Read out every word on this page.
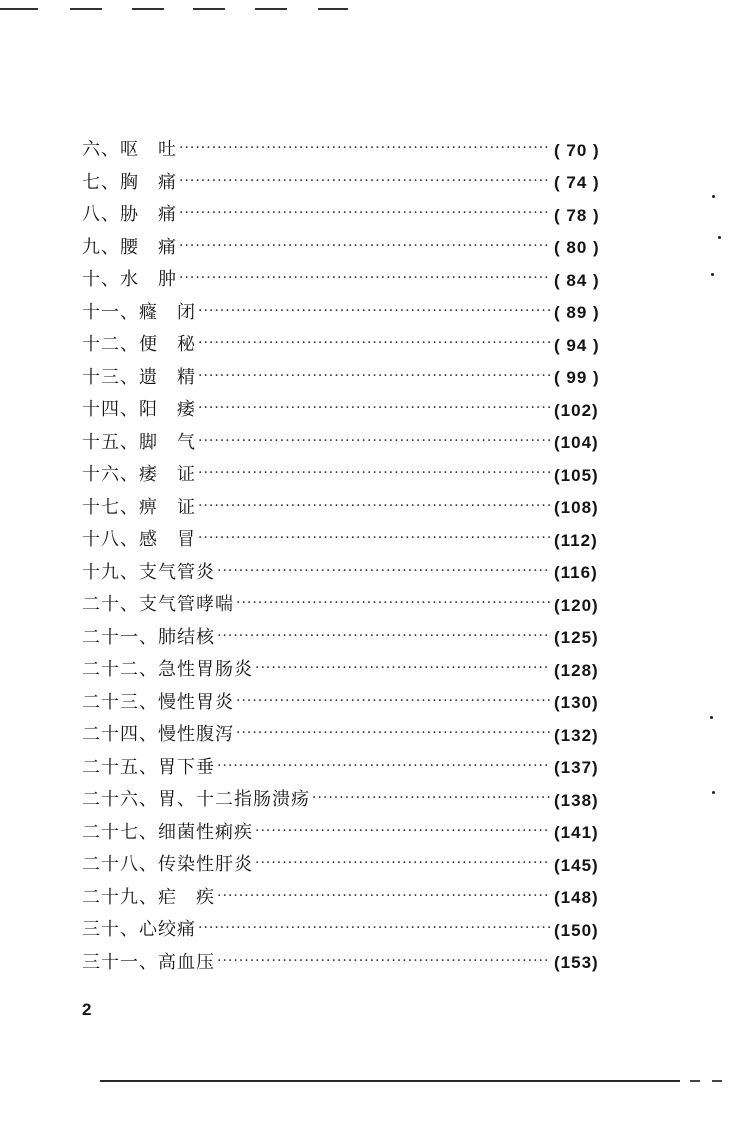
六、呕　吐 ·····	( 70 )
七、胸　痛 ·····	( 74 )
八、胁　痛 ·····	( 78 )
九、腰　痛 ·····	( 80 )
十、水　肿 ·····	( 84 )
十一、癃　闭 ·····	( 89 )
十二、便　秘 ·····	( 94 )
十三、遗　精 ·····	( 99 )
十四、阳　痿 ·····	(102)
十五、脚　气 ·····	(104)
十六、痿　证 ·····	(105)
十七、痹　证 ·····	(108)
十八、感　冒 ·····	(112)
十九、支气管炎 ·····	(116)
二十、支气管哮喘 ·····	(120)
二十一、肺结核 ·····	(125)
二十二、急性胃肠炎 ·····	(128)
二十三、慢性胃炎 ·····	(130)
二十四、慢性腹泻 ·····	(132)
二十五、胃下垂 ·····	(137)
二十六、胃、十二指肠溃疡 ·····	(138)
二十七、细菌性痢疾 ·····	(141)
二十八、传染性肝炎 ·····	(145)
二十九、疟　疾 ·····	(148)
三十、心绞痛 ·····	(150)
三十一、高血压 ·····	(153)
2
